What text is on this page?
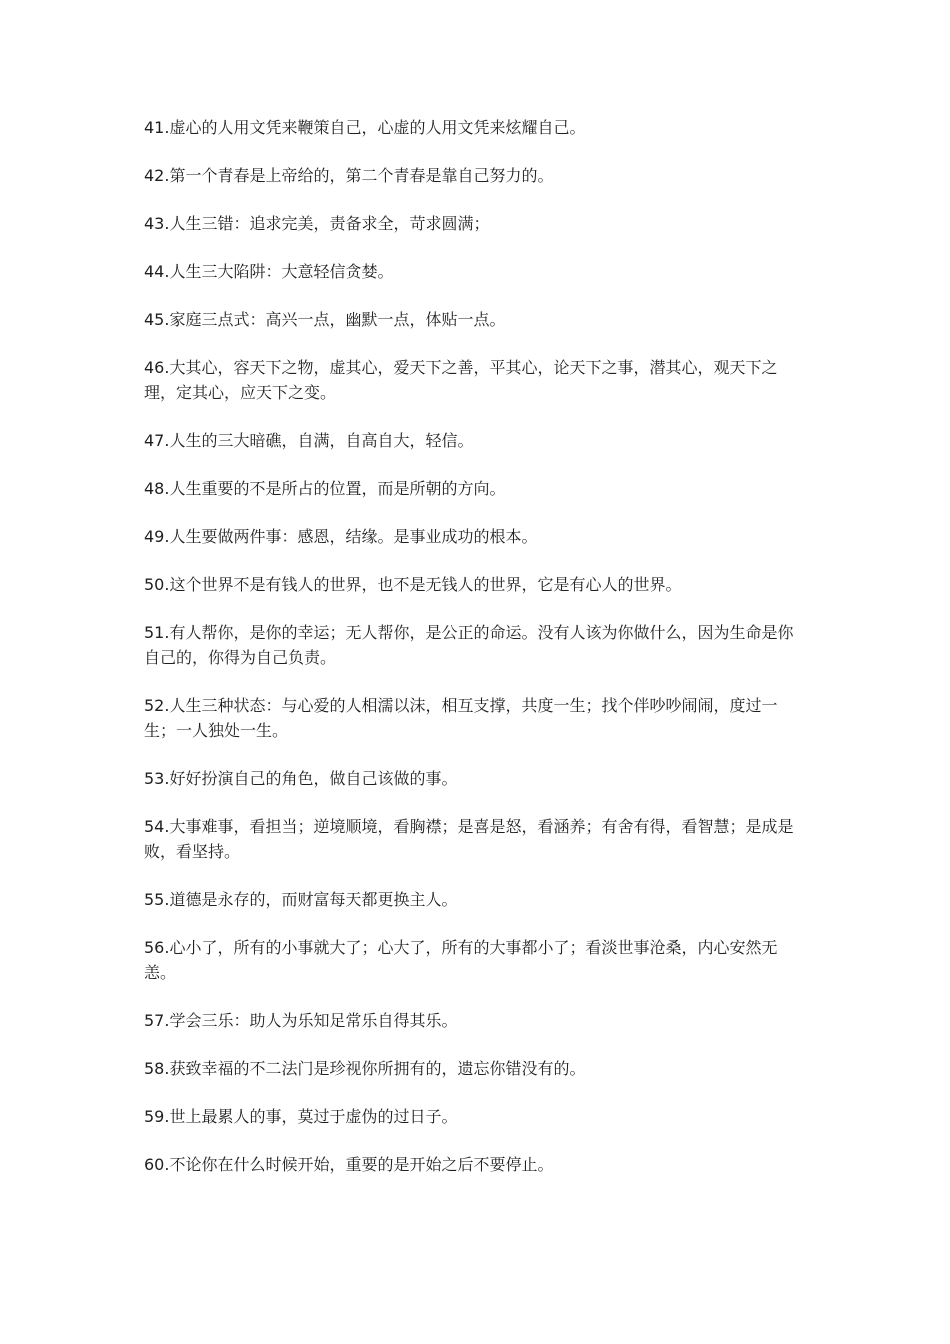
41.虚心的人用文凭来鞭策自己，心虚的人用文凭来炫耀自己。

42.第一个青春是上帝给的，第二个青春是靠自己努力的。

43.人生三错：追求完美，责备求全，苛求圆满；

44.人生三大陷阱：大意轻信贪婪。

45.家庭三点式：高兴一点，幽默一点，体贴一点。

46.大其心，容天下之物，虚其心，爱天下之善，平其心，论天下之事，潜其心，观天下之理，定其心，应天下之变。

47.人生的三大暗礁，自满，自高自大，轻信。

48.人生重要的不是所占的位置，而是所朝的方向。

49.人生要做两件事：感恩，结缘。是事业成功的根本。

50.这个世界不是有钱人的世界，也不是无钱人的世界，它是有心人的世界。

51.有人帮你，是你的幸运；无人帮你，是公正的命运。没有人该为你做什么，因为生命是你自己的，你得为自己负责。

52.人生三种状态：与心爱的人相濡以沫，相互支撑，共度一生；找个伴吵吵闹闹，度过一生；一人独处一生。

53.好好扮演自己的角色，做自己该做的事。

54.大事难事，看担当；逆境顺境，看胸襟；是喜是怒，看涵养；有舍有得，看智慧；是成是败，看坚持。

55.道德是永存的，而财富每天都更换主人。

56.心小了，所有的小事就大了；心大了，所有的大事都小了；看淡世事沧桑，内心安然无恙。

57.学会三乐：助人为乐知足常乐自得其乐。

58.获致幸福的不二法门是珍视你所拥有的，遗忘你错没有的。

59.世上最累人的事，莫过于虚伪的过日子。

60.不论你在什么时候开始，重要的是开始之后不要停止。
